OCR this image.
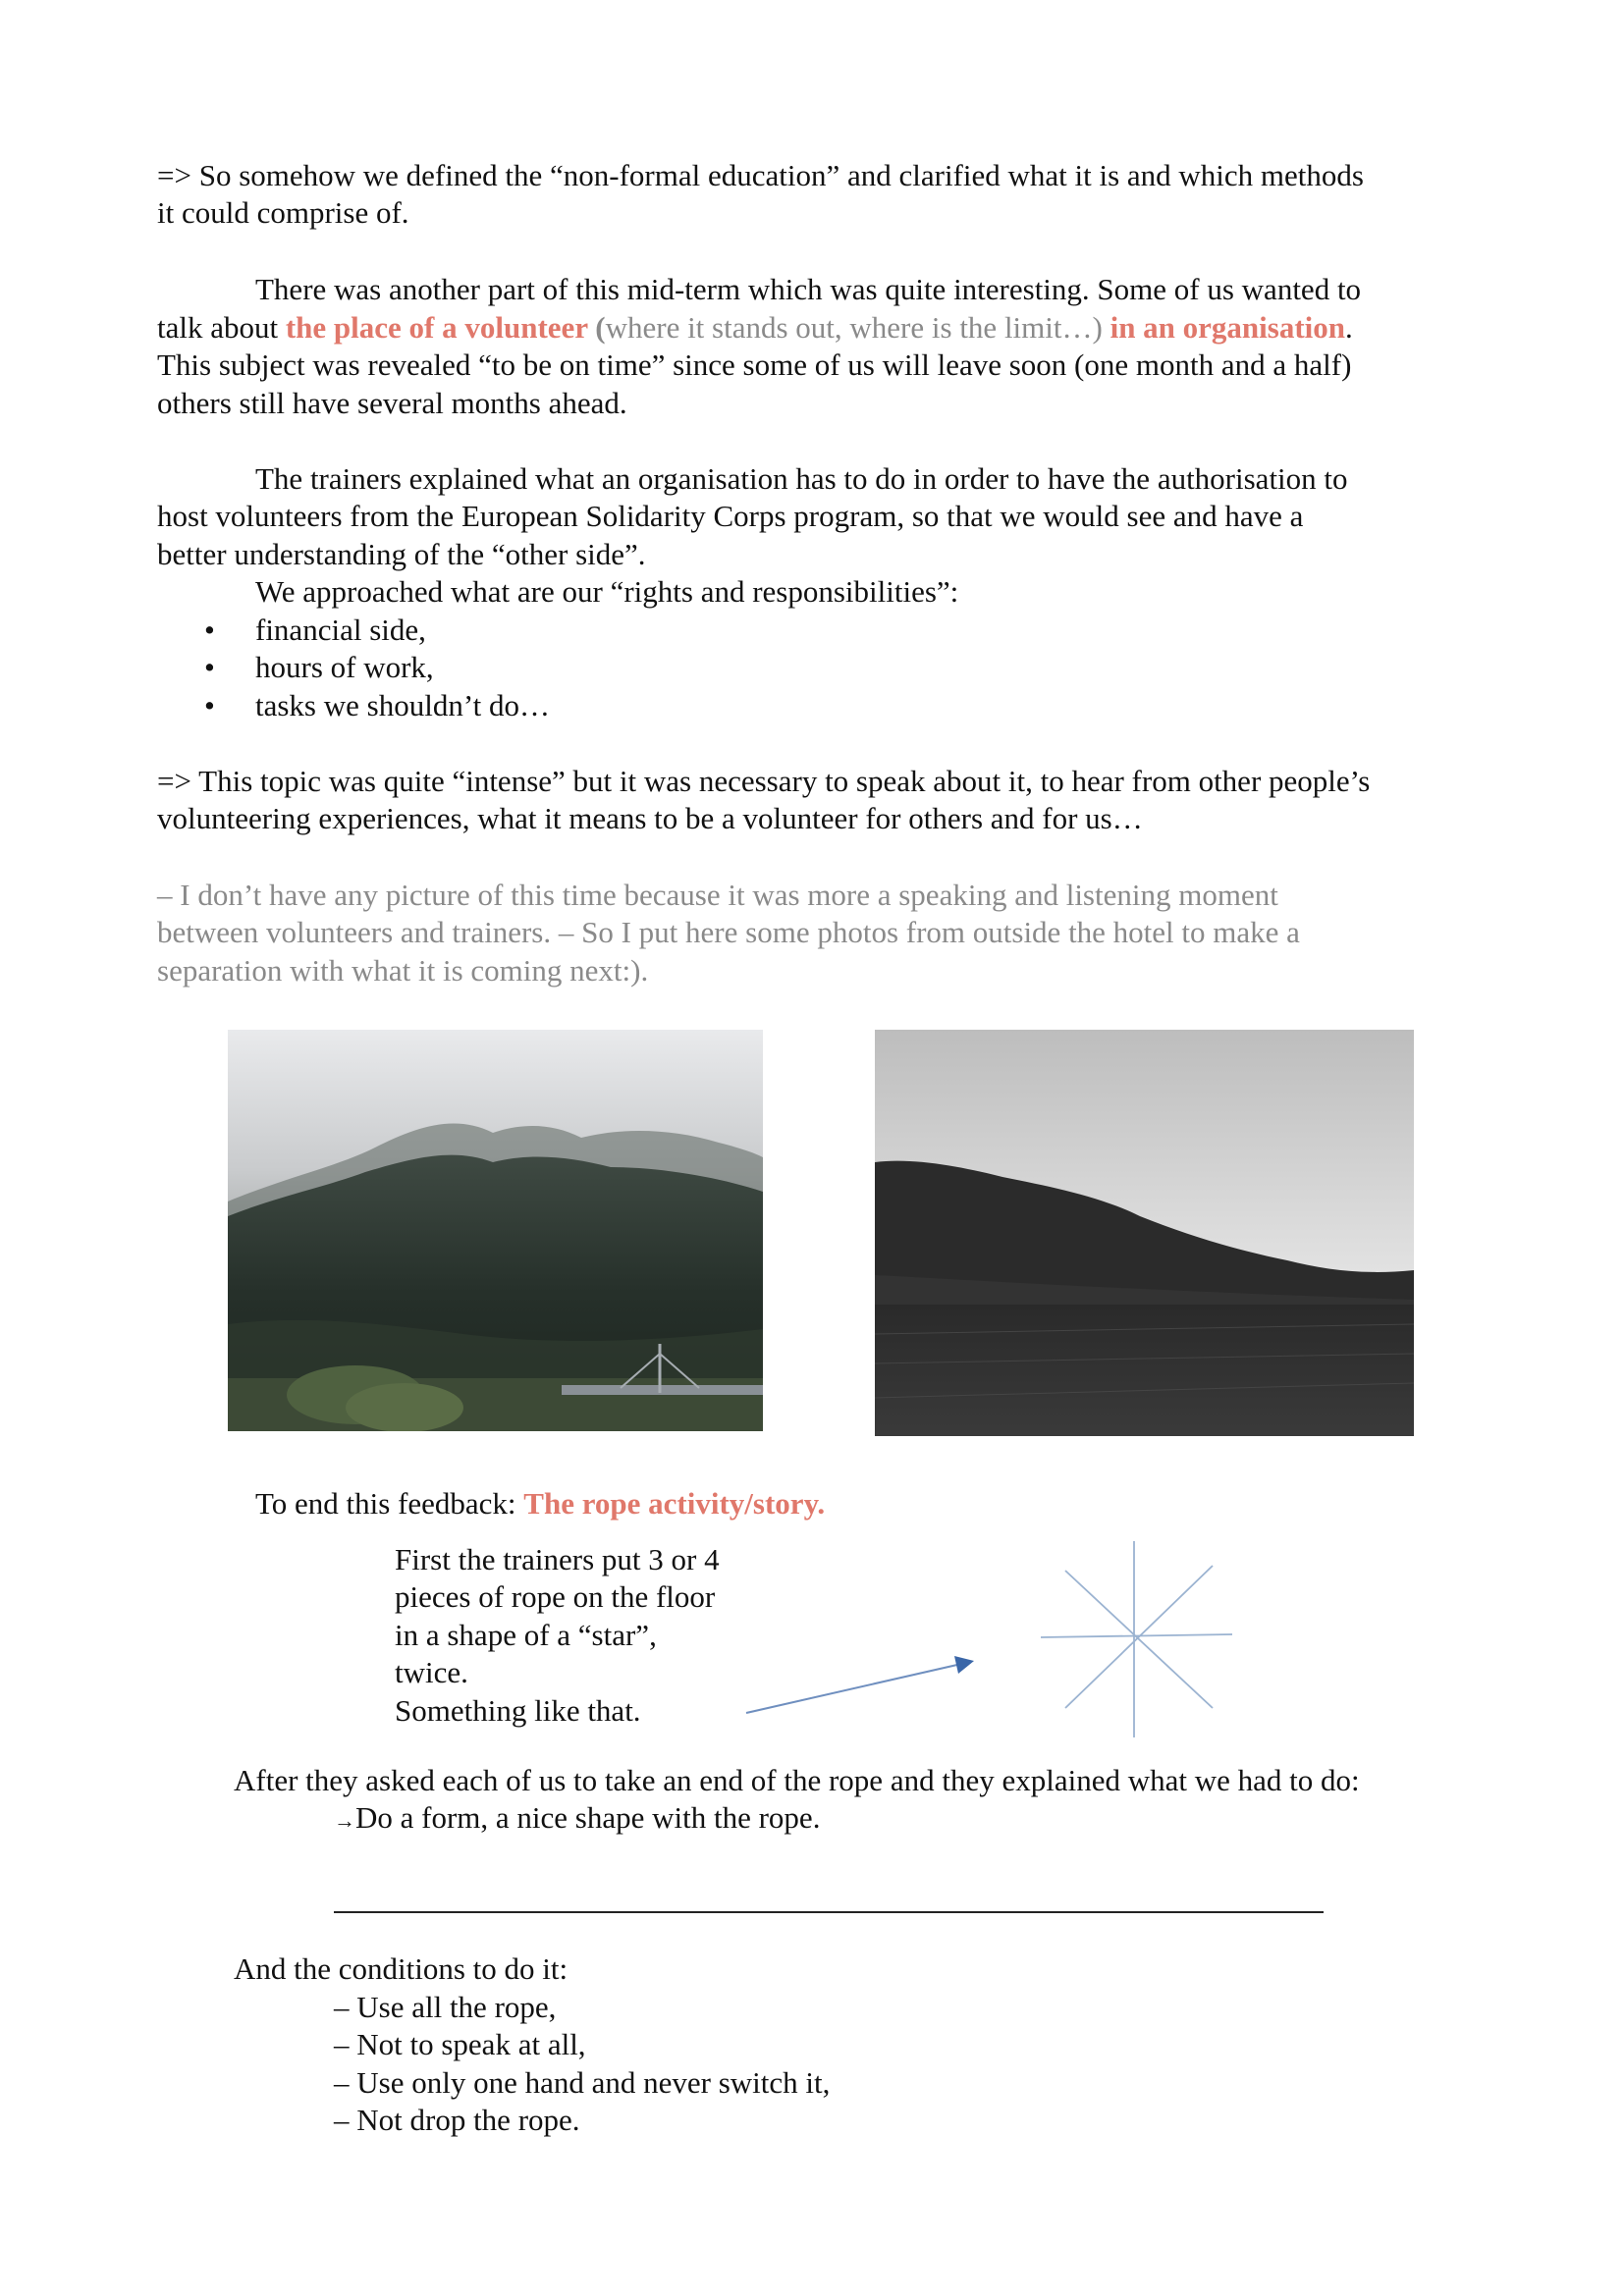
=> So somehow we defined the “non-formal education” and clarified what it is and which methods
it could comprise of.
There was another part of this mid-term which was quite interesting. Some of us wanted to
talk about the place of a volunteer (where it stands out, where is the limit…) in an organisation.
This subject was revealed “to be on time” since some of us will leave soon (one month and a half)
others still have several months ahead.
The trainers explained what an organisation has to do in order to have the authorisation to
host volunteers from the European Solidarity Corps program, so that we would see and have a
better understanding of the “other side”.
We approached what are our “rights and responsibilities”:
• financial side,
• hours of work,
• tasks we shouldn’t do…
=> This topic was quite “intense” but it was necessary to speak about it, to hear from other people’s
volunteering experiences, what it means to be a volunteer for others and for us…
– I don’t have any picture of this time because it was more a speaking and listening moment
between volunteers and trainers. – So I put here some photos from outside the hotel to make a
separation with what it is coming next:).
To end this feedback: The rope activity/story.
First the trainers put 3 or 4
pieces of rope on the floor
in a shape of a “star”,
twice.
Something like that.
After they asked each of us to take an end of the rope and they explained what we had to do:
→Do a form, a nice shape with the rope.
And the conditions to do it:
– Use all the rope,
– Not to speak at all,
– Use only one hand and never switch it,
– Not drop the rope.
